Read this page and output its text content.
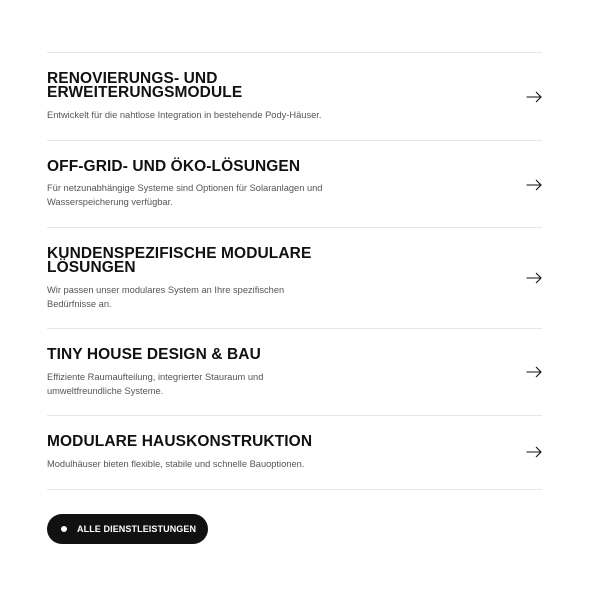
RENOVIERUNGS- UND ERWEITERUNGSMODULE

Entwickelt für die nahtlose Integration in bestehende Pody-Häuser.

OFF-GRID- UND ÖKO-LÖSUNGEN

Für netzunabhängige Systeme sind Optionen für Solaranlagen und Wasserspeicherung verfügbar.

KUNDENSPEZIFISCHE MODULARE LÖSUNGEN

Wir passen unser modulares System an Ihre spezifischen Bedürfnisse an.

TINY HOUSE DESIGN & BAU

Effiziente Raumaufteilung, integrierter Stauraum und umweltfreundliche Systeme.

MODULARE HAUSKONSTRUKTION

Modulhäuser bieten flexible, stabile und schnelle Bauoptionen.

ALLE DIENSTLEISTUNGEN
